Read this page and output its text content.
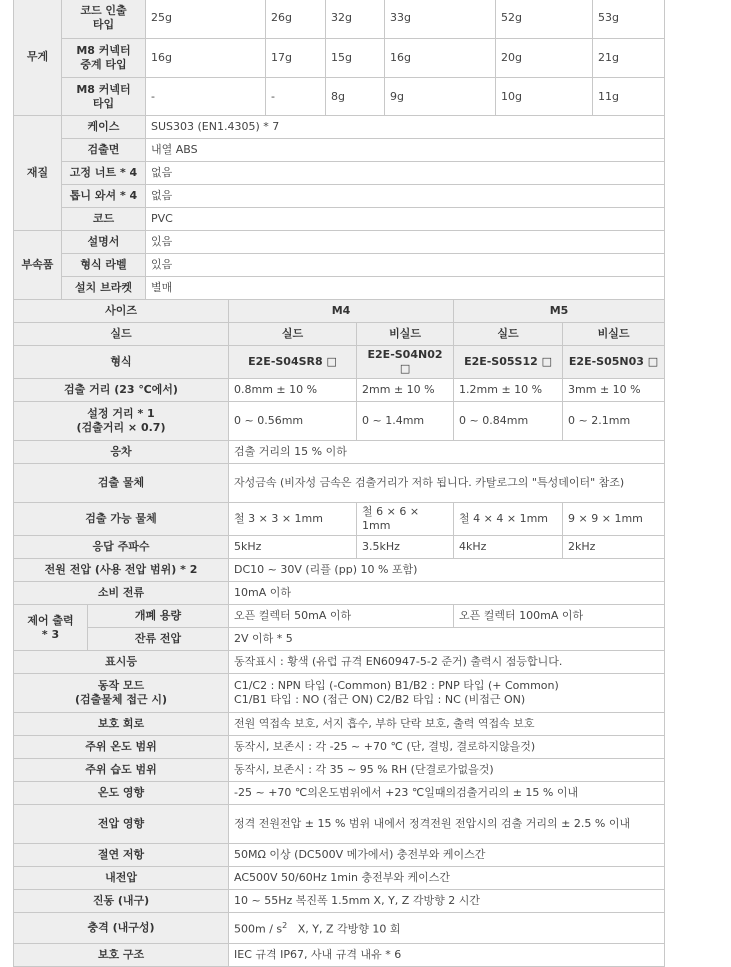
무게	코드 인출
타입	25g	26g	32g	33g	52g	53g
	M8 커넥터
중계 타입	16g	17g	15g	16g	20g	21g
	M8 커넥터
타입	-	-	8g	9g	10g	11g
재질	케이스	SUS303 (EN1.4305) * 7					
	검출면	내열 ABS					
	고정 너트 * 4	없음					
	톱니 와셔 * 4	없음					
	코드	PVC					
부속품	설명서	있음					
	형식 라벨	있음					
	설치 브라켓	별매					
사이즈		M4		M5	
실드		실드	비실드	실드	비실드
형식		E2E-S04SR8 □	E2E-S04N02 □	E2E-S05S12 □	E2E-S05N03 □
검출 거리 (23 ℃에서)		0.8mm ± 10 %	2mm ± 10 %	1.2mm ± 10 %	3mm ± 10 %
설정 거리 * 1
(검출거리 × 0.7)		0 ~ 0.56mm	0 ~ 1.4mm	0 ~ 0.84mm	0 ~ 2.1mm
응차		검출 거리의 15 % 이하			
검출 물체		자성금속 (비자성 금속은 검출거리가 저하 됩니다. 카탈로그의 "특성데이터" 참조)			
검출 가능 물체		철 3 × 3 × 1mm	철 6 × 6 × 1mm	철 4 × 4 × 1mm	9 × 9 × 1mm
응답 주파수		5kHz	3.5kHz	4kHz	2kHz
전원 전압 (사용 전압 범위) * 2		DC10 ~ 30V (리플 (pp) 10 % 포함)			
소비 전류		10mA 이하			
제어 출력
* 3	개폐 용량	오픈 컬렉터 50mA 이하		오픈 컬렉터 100mA 이하	
	잔류 전압	2V 이하 * 5			
표시등		동작표시 : 황색 (유럽 규격 EN60947-5-2 준거) 출력시 점등합니다.			
동작 모드
(검출물체 접근 시)		C1/C2 : NPN 타입 (-Common) B1/B2 : PNP 타입 (+ Common)
C1/B1 타입 : NO (접근 ON) C2/B2 타입 : NC (비접근 ON)			
보호 회로		전원 역접속 보호, 서지 흡수, 부하 단락 보호, 출력 역접속 보호			
주위 온도 범위		동작시, 보존시 : 각 -25 ~ +70 ℃ (단, 결빙, 결로하지않을것)			
주위 습도 범위		동작시, 보존시 : 각 35 ~ 95 % RH (단결로가없을것)			
온도 영향		-25 ~ +70 ℃의온도범위에서 +23 ℃일때의검출거리의 ± 15 % 이내			
전압 영향		정격 전원전압 ± 15 % 범위 내에서 정격전원 전압시의 검출 거리의 ± 2.5 % 이내			
절연 저항		50MΩ 이상 (DC500V 메가에서) 충전부와 케이스간			
내전압		AC500V 50/60Hz 1min 충전부와 케이스간			
진동 (내구)		10 ~ 55Hz 복진폭 1.5mm X, Y, Z 각방향 2 시간			
충격 (내구성)		$500m / s^2$ X, Y, Z 각방향 10 회			
보호 구조		IEC 규격 IP67, 사내 규격 내유 * 6			
